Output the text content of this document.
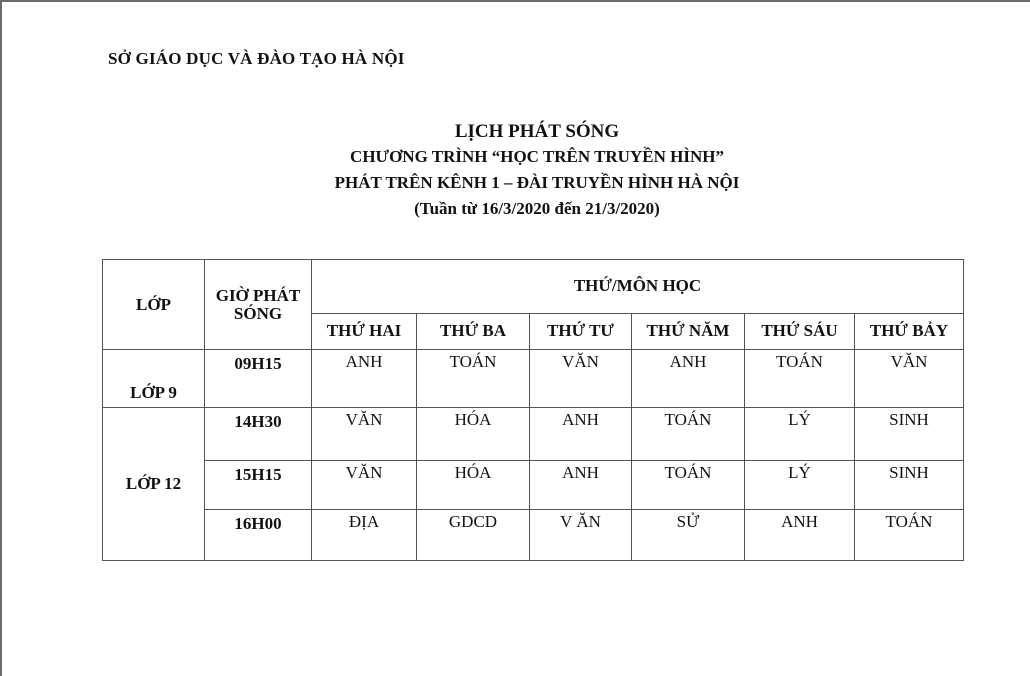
SỞ GIÁO DỤC VÀ ĐÀO TẠO HÀ NỘI
LỊCH PHÁT SÓNG
CHƯƠNG TRÌNH “HỌC TRÊN TRUYỀN HÌNH”
PHÁT TRÊN KÊNH 1 – ĐÀI TRUYỀN HÌNH HÀ NỘI
(Tuần từ 16/3/2020 đến 21/3/2020)
LỚP	GIỜ PHÁT SÓNG	THỨ/MÔN HỌC					
		THỨ HAI	THỨ BA	THỨ TƯ	THỨ NĂM	THỨ SÁU	THỨ BẢY
LỚP 9	09H15	ANH	TOÁN	VĂN	ANH	TOÁN	VĂN
LỚP 12	14H30	VĂN	HÓA	ANH	TOÁN	LÝ	SINH
	15H15	VĂN	HÓA	ANH	TOÁN	LÝ	SINH
	16H00	ĐỊA	GDCD	V ĂN	SỬ	ANH	TOÁN
